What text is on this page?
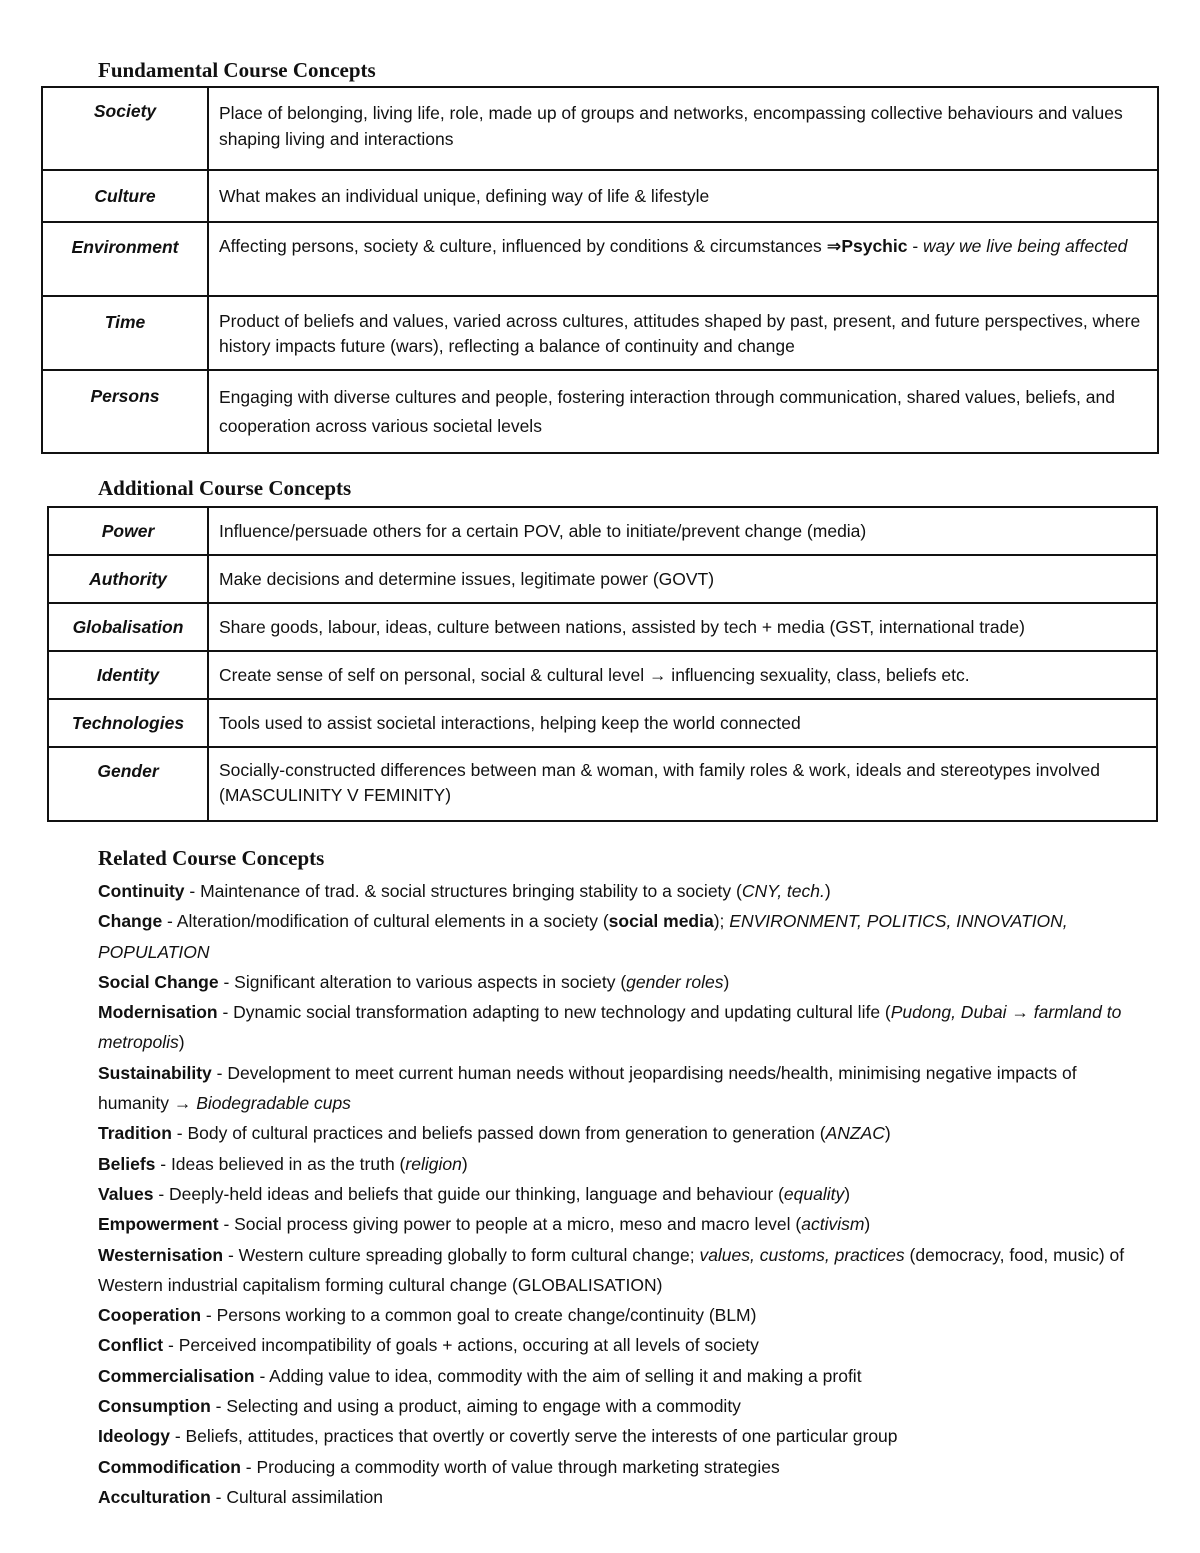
Fundamental Course Concepts
Society	Place of belonging, living life, role, made up of groups and networks, encompassing collective behaviours and values shaping living and interactions
Culture	What makes an individual unique, defining way of life & lifestyle
Environment	Affecting persons, society & culture, influenced by conditions & circumstances ⇒Psychic - way we live being affected
Time	Product of beliefs and values, varied across cultures, attitudes shaped by past, present, and future perspectives, where history impacts future (wars), reflecting a balance of continuity and change
Persons	Engaging with diverse cultures and people, fostering interaction through communication, shared values, beliefs, and cooperation across various societal levels
Additional Course Concepts
Power	Influence/persuade others for a certain POV, able to initiate/prevent change (media)
Authority	Make decisions and determine issues, legitimate power (GOVT)
Globalisation	Share goods, labour, ideas, culture between nations, assisted by tech + media (GST, international trade)
Identity	Create sense of self on personal, social & cultural level → influencing sexuality, class, beliefs etc.
Technologies	Tools used to assist societal interactions, helping keep the world connected
Gender	Socially-constructed differences between man & woman, with family roles & work, ideals and stereotypes involved (MASCULINITY V FEMINITY)
Related Course Concepts
Continuity - Maintenance of trad. & social structures bringing stability to a society (CNY, tech.)
Change - Alteration/modification of cultural elements in a society (social media); ENVIRONMENT, POLITICS, INNOVATION, POPULATION
Social Change - Significant alteration to various aspects in society (gender roles)
Modernisation - Dynamic social transformation adapting to new technology and updating cultural life (Pudong, Dubai → farmland to metropolis)
Sustainability - Development to meet current human needs without jeopardising needs/health, minimising negative impacts of humanity → Biodegradable cups
Tradition - Body of cultural practices and beliefs passed down from generation to generation (ANZAC)
Beliefs - Ideas believed in as the truth (religion)
Values - Deeply-held ideas and beliefs that guide our thinking, language and behaviour (equality)
Empowerment - Social process giving power to people at a micro, meso and macro level (activism)
Westernisation - Western culture spreading globally to form cultural change; values, customs, practices (democracy, food, music) of Western industrial capitalism forming cultural change (GLOBALISATION)
Cooperation - Persons working to a common goal to create change/continuity (BLM)
Conflict - Perceived incompatibility of goals + actions, occuring at all levels of society
Commercialisation - Adding value to idea, commodity with the aim of selling it and making a profit
Consumption - Selecting and using a product, aiming to engage with a commodity
Ideology - Beliefs, attitudes, practices that overtly or covertly serve the interests of one particular group
Commodification - Producing a commodity worth of value through marketing strategies
Acculturation - Cultural assimilation
